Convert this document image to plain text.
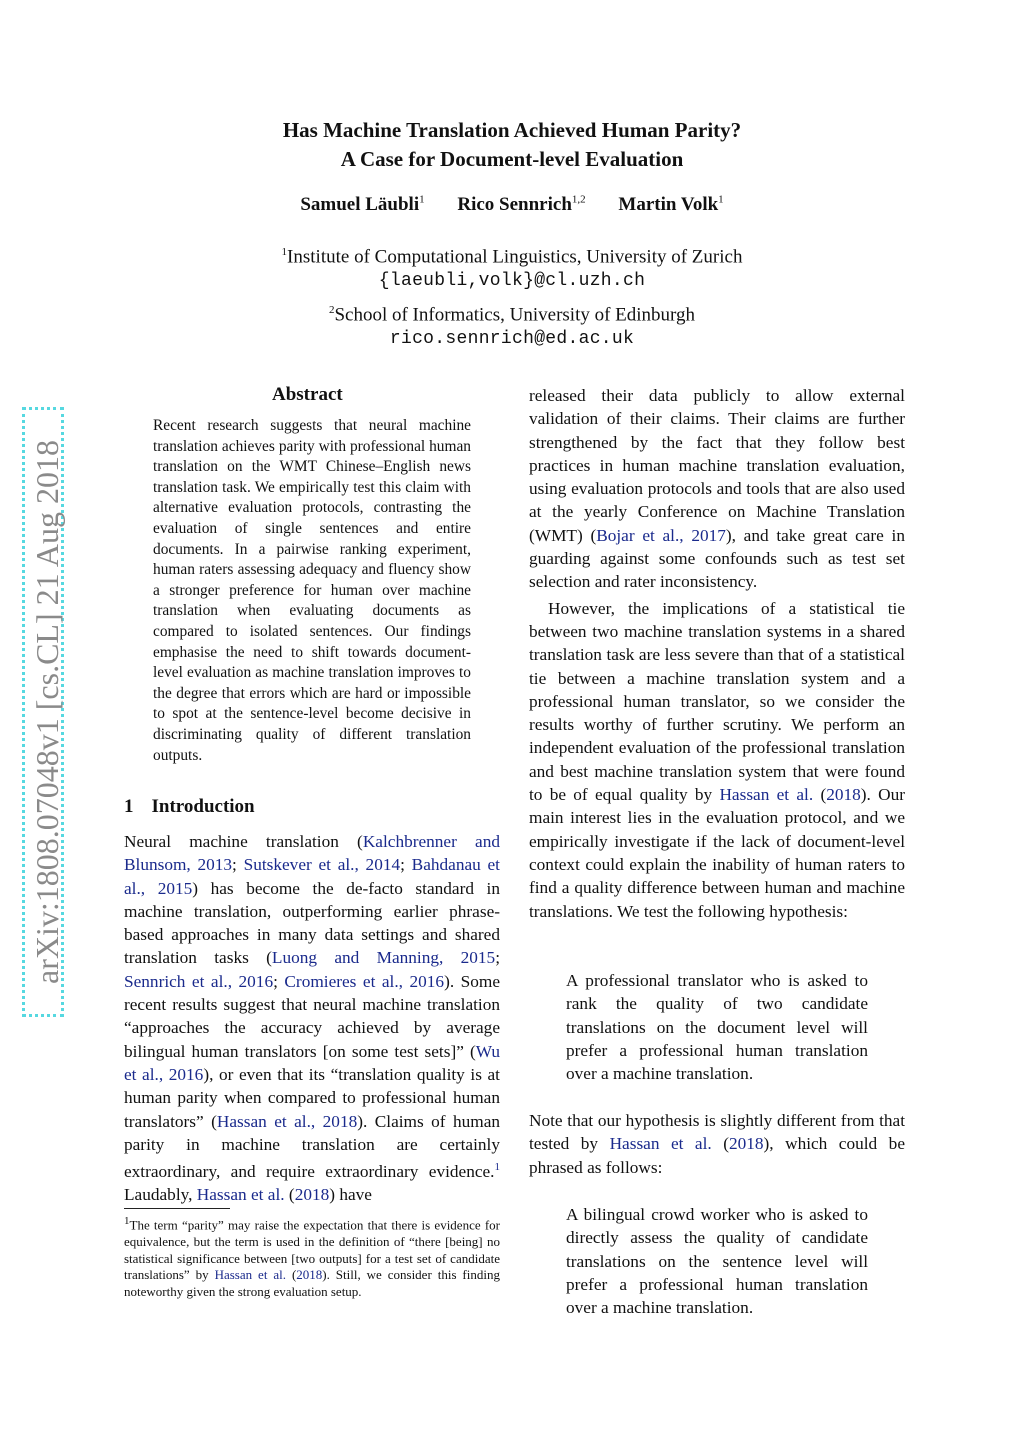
Has Machine Translation Achieved Human Parity?
A Case for Document-level Evaluation
Samuel Läubli$^1$ Rico Sennrich$^{1,2}$ Martin Volk$^1$
$^1$Institute of Computational Linguistics, University of Zurich
{laeubli,volk}@cl.uzh.ch
$^2$School of Informatics, University of Edinburgh
rico.sennrich@ed.ac.uk
arXiv:1808.07048v1 [cs.CL] 21 Aug 2018
Abstract
Recent research suggests that neural machine translation achieves parity with professional human translation on the WMT Chinese–English news translation task. We empirically test this claim with alternative evaluation protocols, contrasting the evaluation of single sentences and entire documents. In a pairwise ranking experiment, human raters assessing adequacy and fluency show a stronger preference for human over machine translation when evaluating documents as compared to isolated sentences. Our findings emphasise the need to shift towards document-level evaluation as machine translation improves to the degree that errors which are hard or impossible to spot at the sentence-level become decisive in discriminating quality of different translation outputs.
1 Introduction

Neural machine translation (Kalchbrenner and Blunsom, 2013; Sutskever et al., 2014; Bahdanau et al., 2015) has become the de-facto standard in machine translation, outperforming earlier phrase-based approaches in many data settings and shared translation tasks (Luong and Manning, 2015; Sennrich et al., 2016; Cromieres et al., 2016). Some recent results suggest that neural machine translation “approaches the accuracy achieved by average bilingual human translators [on some test sets]” (Wu et al., 2016), or even that its “translation quality is at human parity when compared to professional human translators” (Hassan et al., 2018). Claims of human parity in machine translation are certainly extraordinary, and require extraordinary evidence.$^1$ Laudably, Hassan et al. (2018) have

$^1$The term “parity” may raise the expectation that there is evidence for equivalence, but the term is used in the definition of “there [being] no statistical significance between [two outputs] for a test set of candidate translations” by Hassan et al. (2018). Still, we consider this finding noteworthy given the strong evaluation setup.

released their data publicly to allow external validation of their claims. Their claims are further strengthened by the fact that they follow best practices in human machine translation evaluation, using evaluation protocols and tools that are also used at the yearly Conference on Machine Translation (WMT) (Bojar et al., 2017), and take great care in guarding against some confounds such as test set selection and rater inconsistency.

However, the implications of a statistical tie between two machine translation systems in a shared translation task are less severe than that of a statistical tie between a machine translation system and a professional human translator, so we consider the results worthy of further scrutiny. We perform an independent evaluation of the professional translation and best machine translation system that were found to be of equal quality by Hassan et al. (2018). Our main interest lies in the evaluation protocol, and we empirically investigate if the lack of document-level context could explain the inability of human raters to find a quality difference between human and machine translations. We test the following hypothesis:

A professional translator who is asked to rank the quality of two candidate translations on the document level will prefer a professional human translation over a machine translation.

Note that our hypothesis is slightly different from that tested by Hassan et al. (2018), which could be phrased as follows:

A bilingual crowd worker who is asked to directly assess the quality of candidate translations on the sentence level will prefer a professional human translation over a machine translation.
